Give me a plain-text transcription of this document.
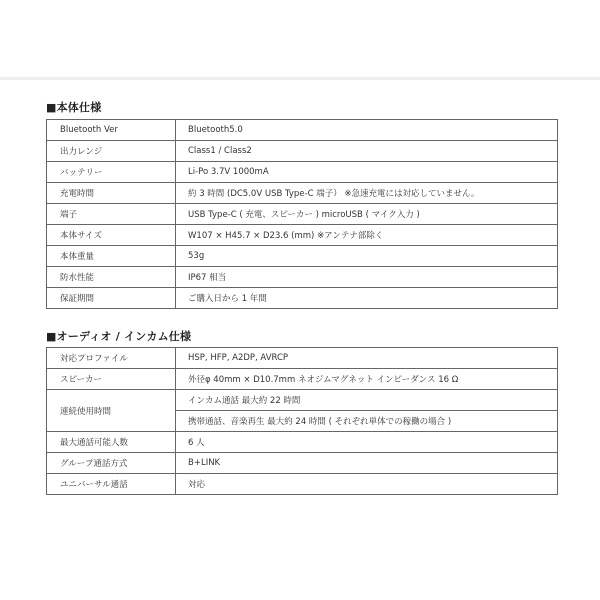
■本体仕様
Bluetooth Ver	Bluetooth5.0
出力レンジ	Class1 / Class2
バッテリー	Li-Po 3.7V 1000mA
充電時間	約 3 時間 (DC5.0V USB Type-C 端子） ※急速充電には対応していません。
端子	USB Type-C ( 充電、スピーカー ) microUSB ( マイク入力 )
本体サイズ	W107 × H45.7 × D23.6 (mm) ※アンテナ部除く
本体重量	53g
防水性能	IP67 相当
保証期間	ご購入日から 1 年間
■オーディオ / インカム仕様
対応プロファイル	HSP, HFP, A2DP, AVRCP
スピーカー	外径φ 40mm × D10.7mm ネオジムマグネット インピーダンス 16 Ω
連続使用時間	インカム通話 最大約 22 時間
	携帯通話、音楽再生 最大約 24 時間 ( それぞれ単体での稼働の場合 )
最大通話可能人数	6 人
グループ通話方式	B+LINK
ユニバーサル通話	対応
